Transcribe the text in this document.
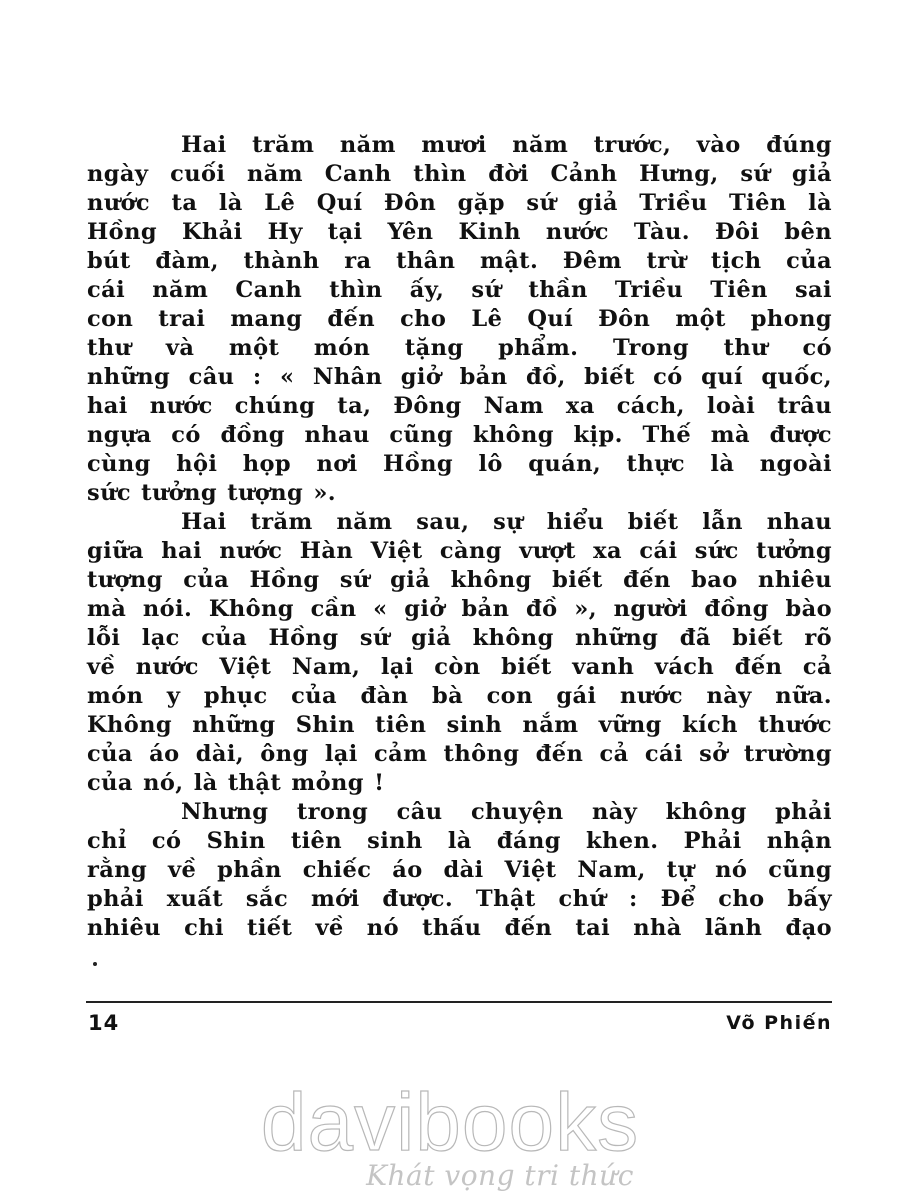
Hai trăm năm mươi năm trước, vào đúng
ngày cuối năm Canh thìn đời Cảnh Hưng, sứ giả
nước ta là Lê Quí Đôn gặp sứ giả Triều Tiên là
Hồng Khải Hy tại Yên Kinh nước Tàu. Đôi bên
bút đàm, thành ra thân mật. Đêm trừ tịch của
cái năm Canh thìn ấy, sứ thần Triều Tiên sai
con trai mang đến cho Lê Quí Đôn một phong
thư và một món tặng phẩm. Trong thư có
những câu : « Nhân giở bản đồ, biết có quí quốc,
hai nước chúng ta, Đông Nam xa cách, loài trâu
ngựa có đồng nhau cũng không kịp. Thế mà được
cùng hội họp nơi Hồng lô quán, thực là ngoài
sức tưởng tượng ».

Hai trăm năm sau, sự hiểu biết lẫn nhau
giữa hai nước Hàn Việt càng vượt xa cái sức tưởng
tượng của Hồng sứ giả không biết đến bao nhiêu
mà nói. Không cần « giở bản đồ », người đồng bào
lỗi lạc của Hồng sứ giả không những đã biết rõ
về nước Việt Nam, lại còn biết vanh vách đến cả
món y phục của đàn bà con gái nước này nữa.
Không những Shin tiên sinh nắm vững kích thước
của áo dài, ông lại cảm thông đến cả cái sở trường
của nó, là thật mỏng !

Nhưng trong câu chuyện này không phải
chỉ có Shin tiên sinh là đáng khen. Phải nhận
rằng về phần chiếc áo dài Việt Nam, tự nó cũng
phải xuất sắc mới được. Thật chứ : Để cho bấy
nhiêu chi tiết về nó thấu đến tai nhà lãnh đạo

14	Võ Phiến
davibooks
Khát vọng tri thức
